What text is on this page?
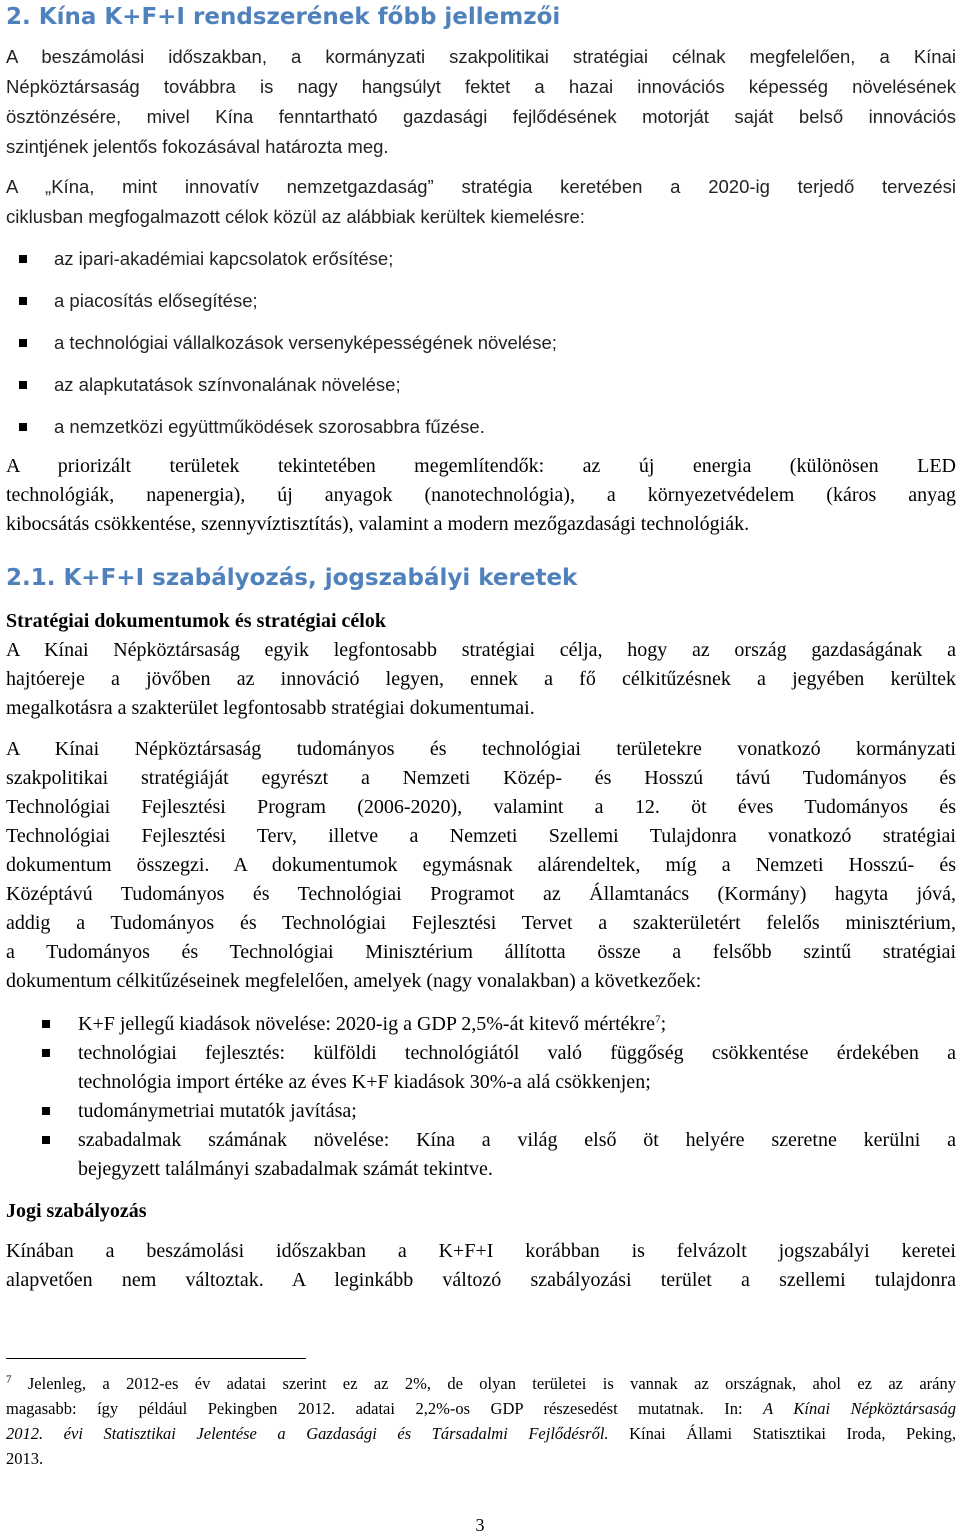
2. Kína K+F+I rendszerének főbb jellemzői
A beszámolási időszakban, a kormányzati szakpolitikai stratégiai célnak megfelelően, a Kínai
Népköztársaság továbbra is nagy hangsúlyt fektet a hazai innovációs képesség növelésének
ösztönzésére, mivel Kína fenntartható gazdasági fejlődésének motorját saját belső innovációs
szintjének jelentős fokozásával határozta meg.
A „Kína, mint innovatív nemzetgazdaság” stratégia keretében a 2020-ig terjedő tervezési
ciklusban megfogalmazott célok közül az alábbiak kerültek kiemelésre:
az ipari-akadémiai kapcsolatok erősítése;
a piacosítás elősegítése;
a technológiai vállalkozások versenyképességének növelése;
az alapkutatások színvonalának növelése;
a nemzetközi együttműködések szorosabbra fűzése.
A priorizált területek tekintetében megemlítendők: az új energia (különösen LED
technológiák, napenergia), új anyagok (nanotechnológia), a környezetvédelem (káros anyag
kibocsátás csökkentése, szennyvíztisztítás), valamint a modern mezőgazdasági technológiák.
2.1. K+F+I szabályozás, jogszabályi keretek
Stratégiai dokumentumok és stratégiai célok
A Kínai Népköztársaság egyik legfontosabb stratégiai célja, hogy az ország gazdaságának a
hajtóereje a jövőben az innováció legyen, ennek a fő célkitűzésnek a jegyében kerültek
megalkotásra a szakterület legfontosabb stratégiai dokumentumai.
A Kínai Népköztársaság tudományos és technológiai területekre vonatkozó kormányzati
szakpolitikai stratégiáját egyrészt a Nemzeti Közép- és Hosszú távú Tudományos és
Technológiai Fejlesztési Program (2006-2020), valamint a 12. öt éves Tudományos és
Technológiai Fejlesztési Terv, illetve a Nemzeti Szellemi Tulajdonra vonatkozó stratégiai
dokumentum összegzi. A dokumentumok egymásnak alárendeltek, míg a Nemzeti Hosszú- és
Középtávú Tudományos és Technológiai Programot az Államtanács (Kormány) hagyta jóvá,
addig a Tudományos és Technológiai Fejlesztési Tervet a szakterületért felelős minisztérium,
a Tudományos és Technológiai Minisztérium állította össze a felsőbb szintű stratégiai
dokumentum célkitűzéseinek megfelelően, amelyek (nagy vonalakban) a következőek:
K+F jellegű kiadások növelése: 2020-ig a GDP 2,5%-át kitevő mértékre$^7$;
technológiai fejlesztés: külföldi technológiától való függőség csökkentése érdekében a
technológia import értéke az éves K+F kiadások 30%-a alá csökkenjen;
tudománymetriai mutatók javítása;
szabadalmak számának növelése: Kína a világ első öt helyére szeretne kerülni a
bejegyzett találmányi szabadalmak számát tekintve.
Jogi szabályozás
Kínában a beszámolási időszakban a K+F+I korábban is felvázolt jogszabályi keretei
alapvetően nem változtak. A leginkább változó szabályozási terület a szellemi tulajdonra
$^7$ Jelenleg, a 2012-es év adatai szerint ez az 2%, de olyan területei is vannak az országnak, ahol ez az arány
magasabb: így például Pekingben 2012. adatai 2,2%-os GDP részesedést mutatnak. In: A Kínai Népköztársaság
2012. évi Statisztikai Jelentése a Gazdasági és Társadalmi Fejlődésről. Kínai Állami Statisztikai Iroda, Peking,
2013.
3
